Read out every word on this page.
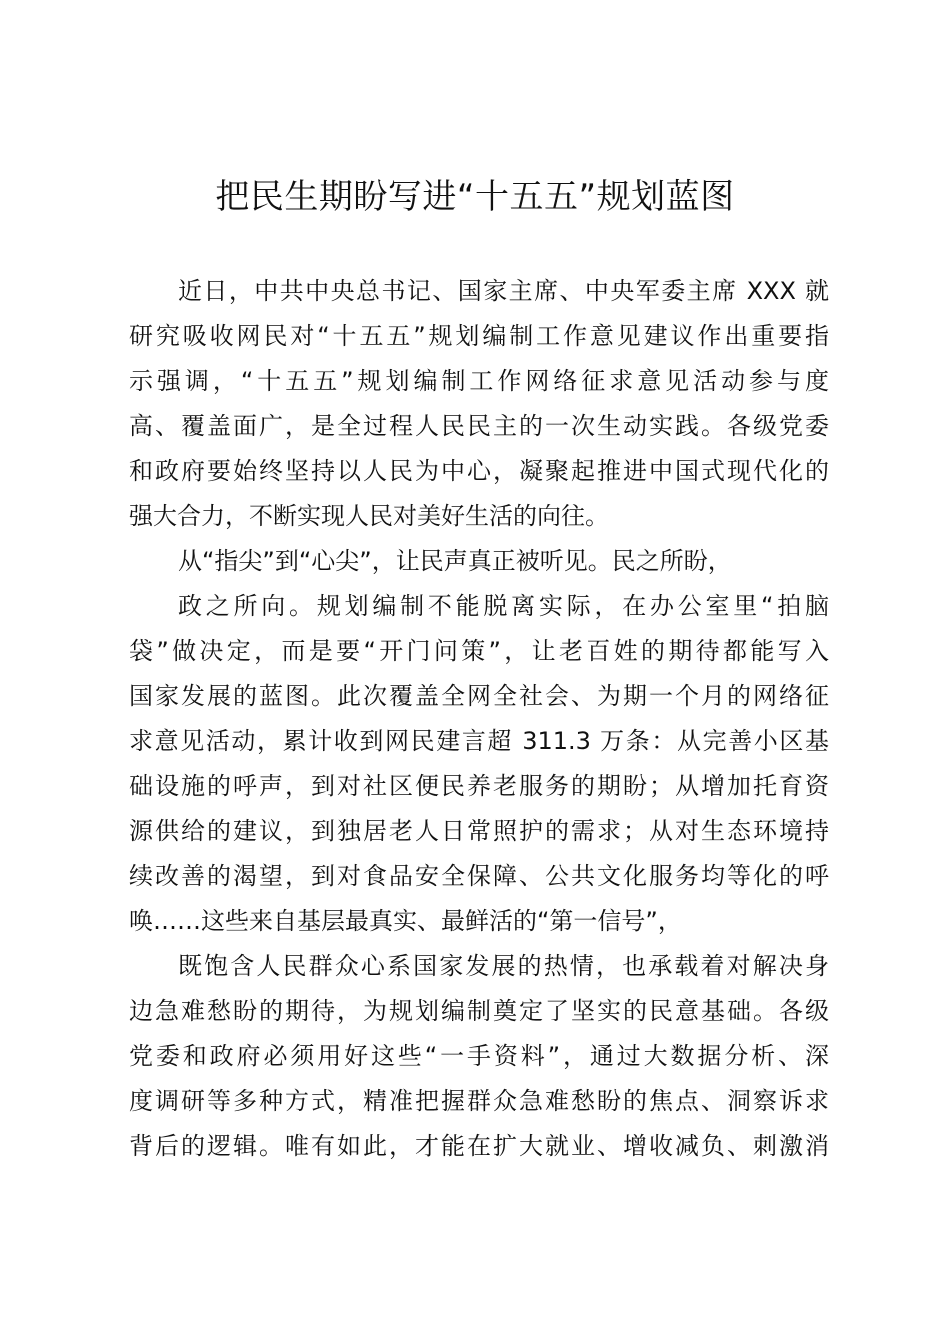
把民生期盼写进“十五五”规划蓝图
近日，中共中央总书记、国家主席、中央军委主席 XXX 就
研究吸收网民对“十五五”规划编制工作意见建议作出重要指
示强调，“十五五”规划编制工作网络征求意见活动参与度
高、覆盖面广，是全过程人民民主的一次生动实践。各级党委
和政府要始终坚持以人民为中心，凝聚起推进中国式现代化的
强大合力，不断实现人民对美好生活的向往。
从“指尖”到“心尖”，让民声真正被听见。民之所盼，
政之所向。规划编制不能脱离实际，在办公室里“拍脑
袋”做决定，而是要“开门问策”，让老百姓的期待都能写入
国家发展的蓝图。此次覆盖全网全社会、为期一个月的网络征
求意见活动，累计收到网民建言超 311.3 万条：从完善小区基
础设施的呼声，到对社区便民养老服务的期盼；从增加托育资
源供给的建议，到独居老人日常照护的需求；从对生态环境持
续改善的渴望，到对食品安全保障、公共文化服务均等化的呼
唤……这些来自基层最真实、最鲜活的“第一信号”，
既饱含人民群众心系国家发展的热情，也承载着对解决身
边急难愁盼的期待，为规划编制奠定了坚实的民意基础。各级
党委和政府必须用好这些“一手资料”，通过大数据分析、深
度调研等多种方式，精准把握群众急难愁盼的焦点、洞察诉求
背后的逻辑。唯有如此，才能在扩大就业、增收减负、刺激消
